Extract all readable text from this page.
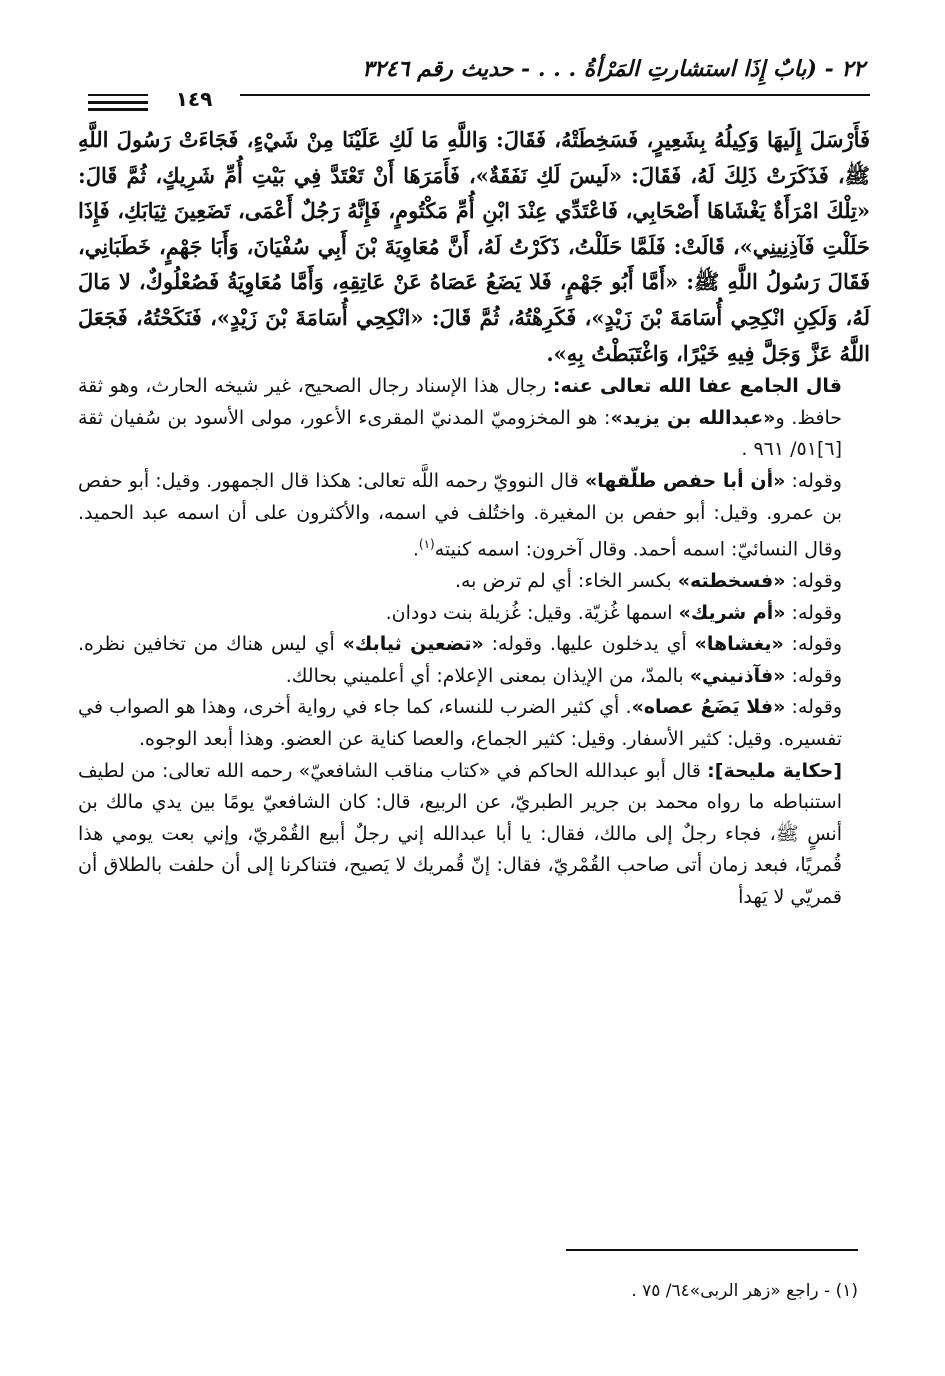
٢٢ - (بابٌ إِذَا استشارتِ المَرْأةُ . . . - حديث رقم ٣٢٤٦
١٤٩

فَأَرْسَلَ إِلَيهَا وَكِيلُهُ بِشَعِيرٍ، فَسَخِطَتْهُ، فَقَالَ: وَاللَّهِ مَا لَكِ عَلَيْنَا مِنْ شَيْءٍ، فَجَاءَتْ رَسُولَ اللَّهِ ﷺ، فَذَكَرَتْ ذَلِكَ لَهُ، فَقَالَ: «لَيسَ لَكِ نَفَقَةٌ»، فَأَمَرَهَا أَنْ تَعْتَدَّ فِي بَيْتِ أُمِّ شَرِيكٍ، ثُمَّ قَالَ: «تِلْكَ امْرَأَةٌ يَغْشَاهَا أَصْحَابِي، فَاعْتَدِّي عِنْدَ ابْنِ أُمِّ مَكْتُومٍ، فَإِنَّهُ رَجُلٌ أَعْمَى، تَضَعِينَ ثِيَابَكِ، فَإِذَا حَلَلْتِ فَآذِنِينِي»، قَالَتْ: فَلَمَّا حَلَلْتُ، ذَكَرْتُ لَهُ، أَنَّ مُعَاوِيَةَ بْنَ أَبِي سُفْيَانَ، وَأَبَا جَهْمٍ، خَطَبَانِي، فَقَالَ رَسُولُ اللَّهِ ﷺ: «أَمَّا أَبُو جَهْمٍ، فَلا يَضَعُ عَصَاهُ عَنْ عَاتِقِهِ، وَأَمَّا مُعَاوِيَةُ فَصُعْلُوكٌ، لا مَالَ لَهُ، وَلَكِنِ انْكِحِي أُسَامَةَ بْنَ زَيْدٍ»، فَكَرِهْتُهُ، ثُمَّ قَالَ: «انْكِحِي أُسَامَةَ بْنَ زَيْدٍ»، فَنَكَحْتُهُ، فَجَعَلَ اللَّهُ عَزَّ وَجَلَّ فِيهِ خَيْرًا، وَاغْتَبَطْتُ بِهِ».

قال الجامع عفا الله تعالى عنه: رجال هذا الإسناد رجال الصحيح، غير شيخه الحارث، وهو ثقة حافظ. و«عبدالله بن يزيد»: هو المخزوميّ المدنيّ المقرىء الأعور، مولى الأسود بن سُفيان ثقة [٦]٥١/ ٩٦١ .

وقوله: «أن أبا حفص طلّقها» قال النوويّ رحمه اللَّه تعالى: هكذا قال الجمهور. وقيل: أبو حفص بن عمرو. وقيل: أبو حفص بن المغيرة. واختُلف في اسمه، والأكثرون على أن اسمه عبد الحميد. وقال النسائيّ: اسمه أحمد. وقال آخرون: اسمه كنيته$^{(١)}$.

وقوله: «فسخطته» بكسر الخاء: أي لم ترض به.

وقوله: «أم شريك» اسمها غُزيّة. وقيل: غُزيلة بنت دودان.

وقوله: «يغشاها» أي يدخلون عليها. وقوله: «تضعين ثيابك» أي ليس هناك من تخافين نظره. وقوله: «فآذنيني» بالمدّ، من الإيذان بمعنى الإعلام: أي أعلميني بحالك.

وقوله: «فلا يَضَعُ عصاه». أي كثير الضرب للنساء، كما جاء في رواية أخرى، وهذا هو الصواب في تفسيره. وقيل: كثير الأسفار. وقيل: كثير الجماع، والعصا كناية عن العضو. وهذا أبعد الوجوه.

[حكاية مليحة]: قال أبو عبدالله الحاكم في «كتاب مناقب الشافعيّ» رحمه الله تعالى: من لطيف استنباطه ما رواه محمد بن جرير الطبريّ، عن الربيع، قال: كان الشافعيّ يومًا بين يدي مالك بن أنسٍ ﷺ، فجاء رجلٌ إلى مالك، فقال: يا أبا عبدالله إني رجلٌ أبيع القُمْريّ، وإني بعت يومي هذا قُمريًا، فبعد زمان أتى صاحب القُمْريّ، فقال: إنّ قُمريك لا يَصيح، فتناكرنا إلى أن حلفت بالطلاق أن قمريّي لا يَهدأ

(١) - راجع «زهر الربى»٦٤/ ٧٥ .
